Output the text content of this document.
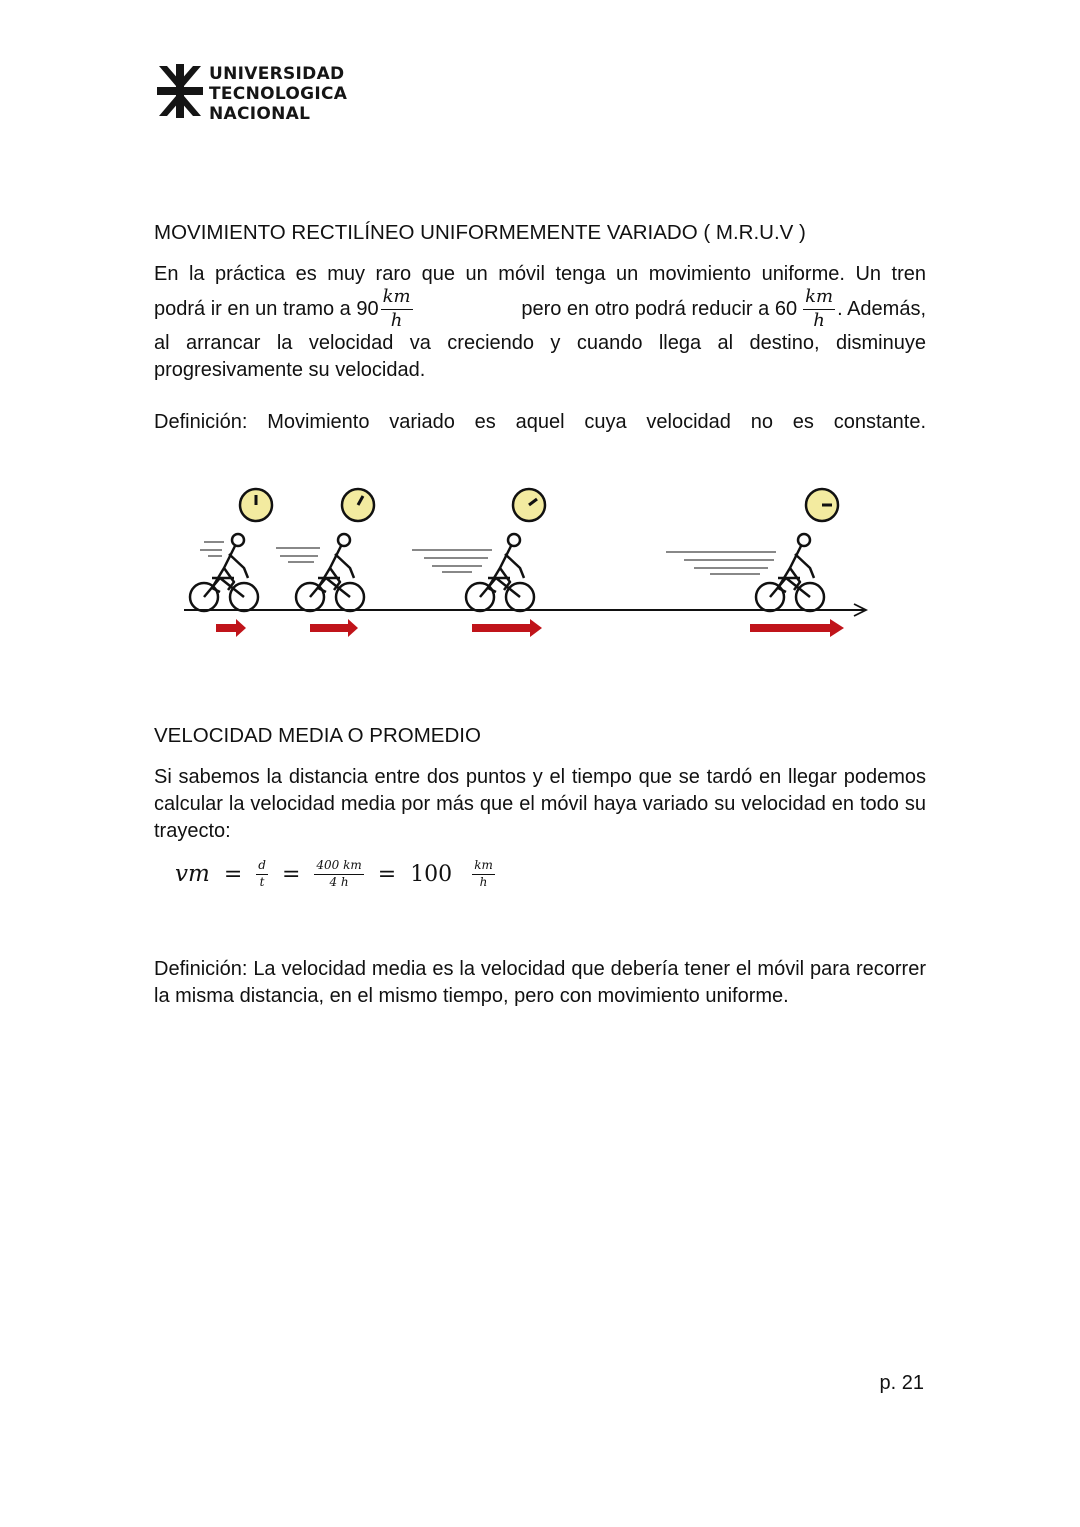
UNIVERSIDAD
TECNOLOGICA
NACIONAL
MOVIMIENTO RECTILÍNEO UNIFORMEMENTE VARIADO ( M.R.U.V )
En la práctica es muy raro que un móvil tenga un movimiento uniforme. Un tren
podrá ir en un tramo a $90 \frac{km}{h}$	pero en otro podrá reducir a $60 \frac{km}{h}$ . Además,
al arrancar la velocidad va creciendo y cuando llega al destino, disminuye progresivamente su velocidad.
Definición: Movimiento variado es aquel cuya velocidad no es constante.
VELOCIDAD MEDIA O PROMEDIO
Si sabemos la distancia entre dos puntos y el tiempo que se tardó en llegar podemos calcular la velocidad media por más que el móvil haya variado su velocidad en todo su trayecto:
vm = $\frac{d}{t} = \frac{400 km}{4 h} = 100$ km
h
Definición: La velocidad media es la velocidad que debería tener el móvil para recorrer la misma distancia, en el mismo tiempo, pero con movimiento uniforme.
p. 21
